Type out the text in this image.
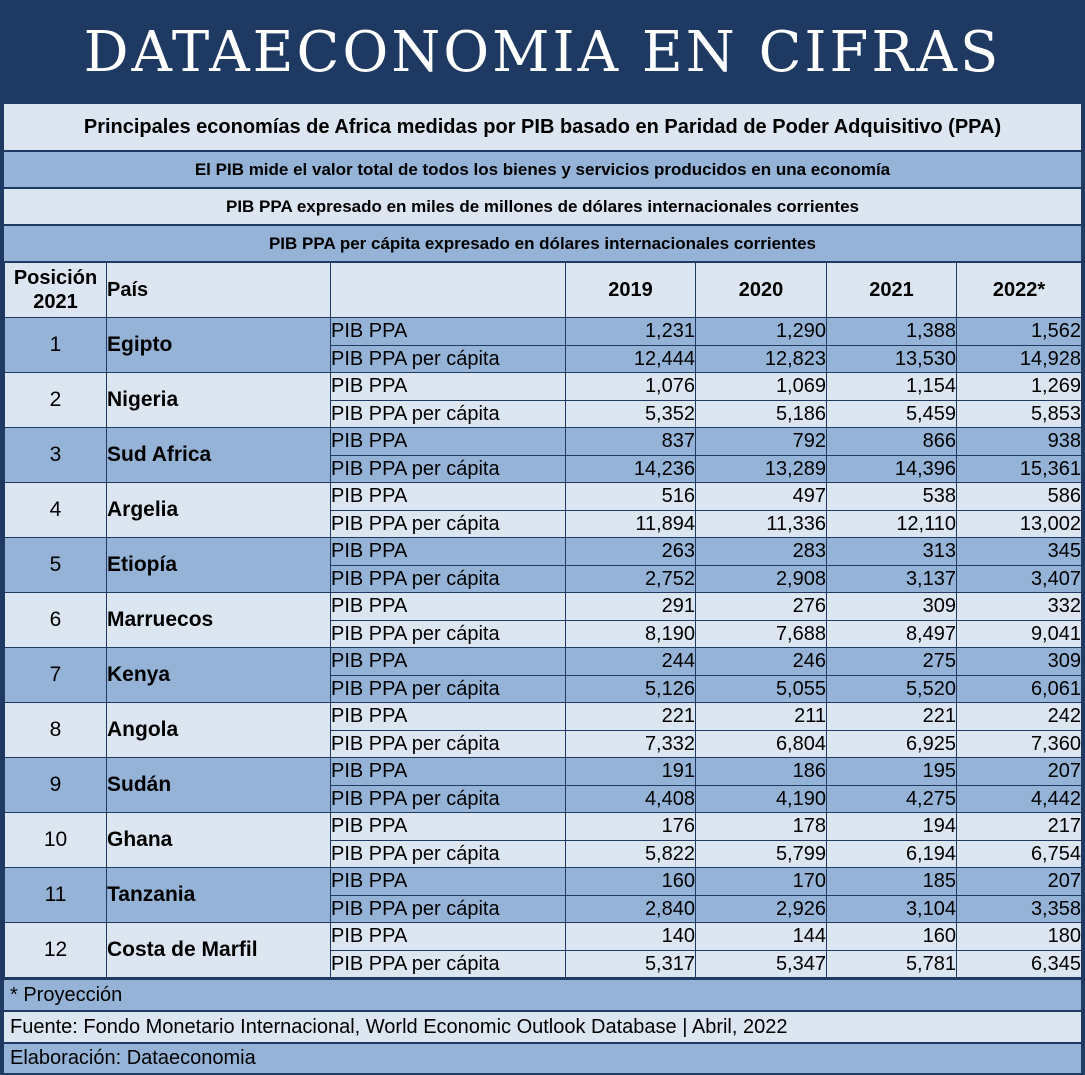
DATAECONOMIA EN CIFRAS
Principales economías de Africa medidas por PIB basado en Paridad de Poder Adquisitivo (PPA)
El PIB mide el valor total de todos los bienes y servicios producidos en una economía
PIB PPA expresado en miles de millones de dólares internacionales corrientes
PIB PPA per cápita expresado en dólares internacionales corrientes
Posición 2021	País		2019	2020	2021	2022*
1	Egipto	PIB PPA	1,231	1,290	1,388	1,562
		PIB PPA per cápita	12,444	12,823	13,530	14,928
2	Nigeria	PIB PPA	1,076	1,069	1,154	1,269
		PIB PPA per cápita	5,352	5,186	5,459	5,853
3	Sud Africa	PIB PPA	837	792	866	938
		PIB PPA per cápita	14,236	13,289	14,396	15,361
4	Argelia	PIB PPA	516	497	538	586
		PIB PPA per cápita	11,894	11,336	12,110	13,002
5	Etiopía	PIB PPA	263	283	313	345
		PIB PPA per cápita	2,752	2,908	3,137	3,407
6	Marruecos	PIB PPA	291	276	309	332
		PIB PPA per cápita	8,190	7,688	8,497	9,041
7	Kenya	PIB PPA	244	246	275	309
		PIB PPA per cápita	5,126	5,055	5,520	6,061
8	Angola	PIB PPA	221	211	221	242
		PIB PPA per cápita	7,332	6,804	6,925	7,360
9	Sudán	PIB PPA	191	186	195	207
		PIB PPA per cápita	4,408	4,190	4,275	4,442
10	Ghana	PIB PPA	176	178	194	217
		PIB PPA per cápita	5,822	5,799	6,194	6,754
11	Tanzania	PIB PPA	160	170	185	207
		PIB PPA per cápita	2,840	2,926	3,104	3,358
12	Costa de Marfil	PIB PPA	140	144	160	180
		PIB PPA per cápita	5,317	5,347	5,781	6,345
* Proyección
Fuente: Fondo Monetario Internacional, World Economic Outlook Database | Abril, 2022
Elaboración: Dataeconomia
